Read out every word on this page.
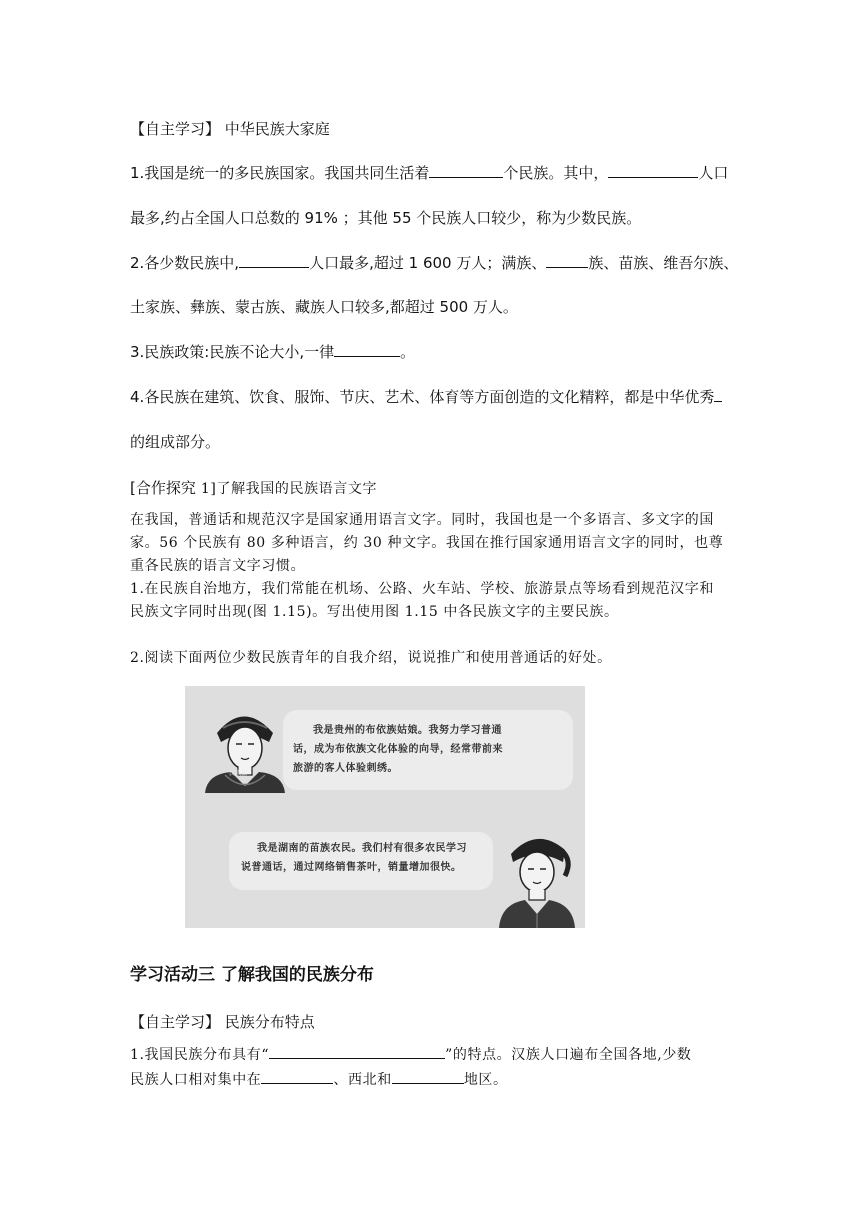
【自主学习】 中华民族大家庭
1.我国是统一的多民族国家。我国共同生活着	个民族。其中，	人口
最多,约占全国人口总数的 91% ；其他 55 个民族人口较少，称为少数民族。
2.各少数民族中,	人口最多,超过 1 600 万人；满族、	族、苗族、维吾尔族、
土家族、彝族、蒙古族、藏族人口较多,都超过 500 万人。
3.民族政策:民族不论大小,一律	。
4.各民族在建筑、饮食、服饰、节庆、艺术、体育等方面创造的文化精粹，都是中华优秀
的组成部分。
[合作探究 1]了解我国的民族语言文字
在我国，普通话和规范汉字是国家通用语言文字。同时，我国也是一个多语言、多文字的国
家。56 个民族有 80 多种语言，约 30 种文字。我国在推行国家通用语言文字的同时，也尊
重各民族的语言文字习惯。
1.在民族自治地方，我们常能在机场、公路、火车站、学校、旅游景点等场看到规范汉字和
民族文字同时出现(图 1.15)。写出使用图 1.15 中各民族文字的主要民族。
2.阅读下面两位少数民族青年的自我介绍，说说推广和使用普通话的好处。
民族服
我是贵州的布依族姑娘。我努力学习普通
话，成为布依族文化体验的向导，经常带前来
旅游的客人体验刺绣。
我是湖南的苗族农民。我们村有很多农民学习
说普通话，通过网络销售茶叶，销量增加很快。
学习活动三 了解我国的民族分布
【自主学习】 民族分布特点
1.我国民族分布具有“	”的特点。汉族人口遍布全国各地,少数
民族人口相对集中在	、西北和	地区。
